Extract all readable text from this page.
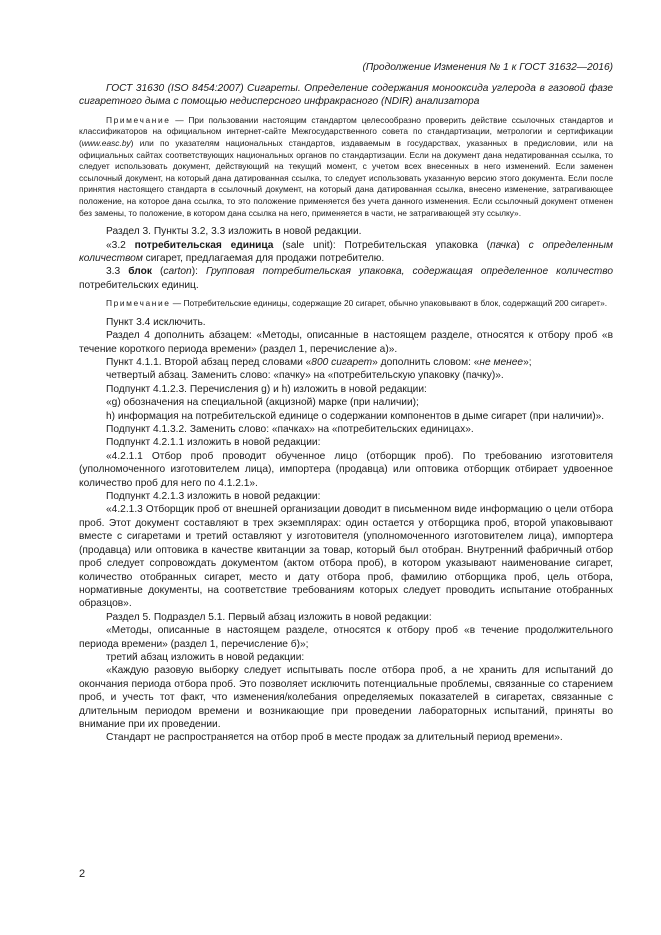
(Продолжение Изменения № 1 к ГОСТ 31632—2016)

ГОСТ 31630 (ISO 8454:2007) Сигареты. Определение содержания монооксида углерода в газовой фазе сигаретного дыма с помощью недисперсного инфракрасного (NDIR) анализатора

Примечание — При пользовании настоящим стандартом целесообразно проверить действие ссылочных стандартов и классификаторов на официальном интернет-сайте Межгосударственного совета по стандартизации, метрологии и сертификации (www.easc.by) или по указателям национальных стандартов, издаваемым в государствах, указанных в предисловии, или на официальных сайтах соответствующих национальных органов по стандартизации. Если на документ дана недатированная ссылка, то следует использовать документ, действующий на текущий момент, с учетом всех внесенных в него изменений. Если заменен ссылочный документ, на который дана датированная ссылка, то следует использовать указанную версию этого документа. Если после принятия настоящего стандарта в ссылочный документ, на который дана датированная ссылка, внесено изменение, затрагивающее положение, на которое дана ссылка, то это положение применяется без учета данного изменения. Если ссылочный документ отменен без замены, то положение, в котором дана ссылка на него, применяется в части, не затрагивающей эту ссылку».

Раздел 3. Пункты 3.2, 3.3 изложить в новой редакции.

«3.2 потребительская единица (sale unit): Потребительская упаковка (пачка) с определенным количеством сигарет, предлагаемая для продажи потребителю.

3.3 блок (carton): Групповая потребительская упаковка, содержащая определенное количество потребительских единиц.

Примечание — Потребительские единицы, содержащие 20 сигарет, обычно упаковывают в блок, содержащий 200 сигарет».

Пункт 3.4 исключить.

Раздел 4 дополнить абзацем: «Методы, описанные в настоящем разделе, относятся к отбору проб «в течение короткого периода времени» (раздел 1, перечисление а)».

Пункт 4.1.1. Второй абзац перед словами «800 сигарет» дополнить словом: «не менее»;

четвертый абзац. Заменить слово: «пачку» на «потребительскую упаковку (пачку)».

Подпункт 4.1.2.3. Перечисления g) и h) изложить в новой редакции:

«g) обозначения на специальной (акцизной) марке (при наличии);

h) информация на потребительской единице о содержании компонентов в дыме сигарет (при наличии)».

Подпункт 4.1.3.2. Заменить слово: «пачках» на «потребительских единицах».

Подпункт 4.2.1.1 изложить в новой редакции:

«4.2.1.1 Отбор проб проводит обученное лицо (отборщик проб). По требованию изготовителя (уполномоченного изготовителем лица), импортера (продавца) или оптовика отборщик отбирает удвоенное количество проб для него по 4.1.2.1».

Подпункт 4.2.1.3 изложить в новой редакции:

«4.2.1.3 Отборщик проб от внешней организации доводит в письменном виде информацию о цели отбора проб. Этот документ составляют в трех экземплярах: один остается у отборщика проб, второй упаковывают вместе с сигаретами и третий оставляют у изготовителя (уполномоченного изготовителем лица), импортера (продавца) или оптовика в качестве квитанции за товар, который был отобран. Внутренний фабричный отбор проб следует сопровождать документом (актом отбора проб), в котором указывают наименование сигарет, количество отобранных сигарет, место и дату отбора проб, фамилию отборщика проб, цель отбора, нормативные документы, на соответствие требованиям которых следует проводить испытание отобранных образцов».

Раздел 5. Подраздел 5.1. Первый абзац изложить в новой редакции:

«Методы, описанные в настоящем разделе, относятся к отбору проб «в течение продолжительного периода времени» (раздел 1, перечисление б)»;

третий абзац изложить в новой редакции:

«Каждую разовую выборку следует испытывать после отбора проб, а не хранить для испытаний до окончания периода отбора проб. Это позволяет исключить потенциальные проблемы, связанные со старением проб, и учесть тот факт, что изменения/колебания определяемых показателей в сигаретах, связанные с длительным периодом времени и возникающие при проведении лабораторных испытаний, приняты во внимание при их проведении.

Стандарт не распространяется на отбор проб в месте продаж за длительный период времени».

2
